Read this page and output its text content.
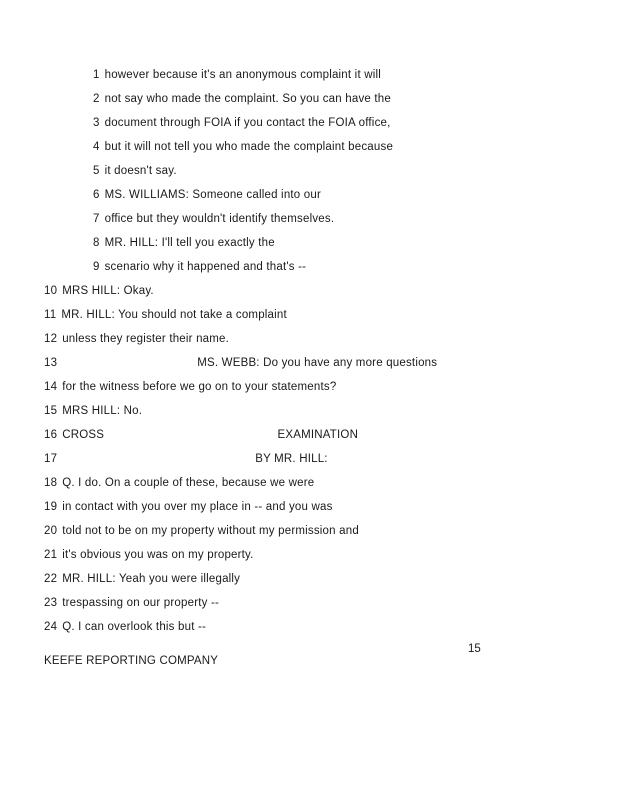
1 however because it's an anonymous complaint it will
2 not say who made the complaint. So you can have the
3 document through FOIA if you contact the FOIA office,
4 but it will not tell you who made the complaint because
5 it doesn't say.
6 MS. WILLIAMS: Someone called into our
7 office but they wouldn't identify themselves.
8 MR. HILL: I'll tell you exactly the
9 scenario why it happened and that's --
10 MRS HILL: Okay.
11 MR. HILL: You should not take a complaint
12 unless they register their name.
13	MS. WEBB: Do you have any more questions
14 for the witness before we go on to your statements?
15 MRS HILL: No.
16 CROSS EXAMINATION
17	BY MR. HILL:
18 Q. I do. On a couple of these, because we were
19 in contact with you over my place in -- and you was
20 told not to be on my property without my permission and
21 it's obvious you was on my property.
22 MR. HILL: Yeah you were illegally
23 trespassing on our property --
24 Q. I can overlook this but --
15
KEEFE REPORTING COMPANY
